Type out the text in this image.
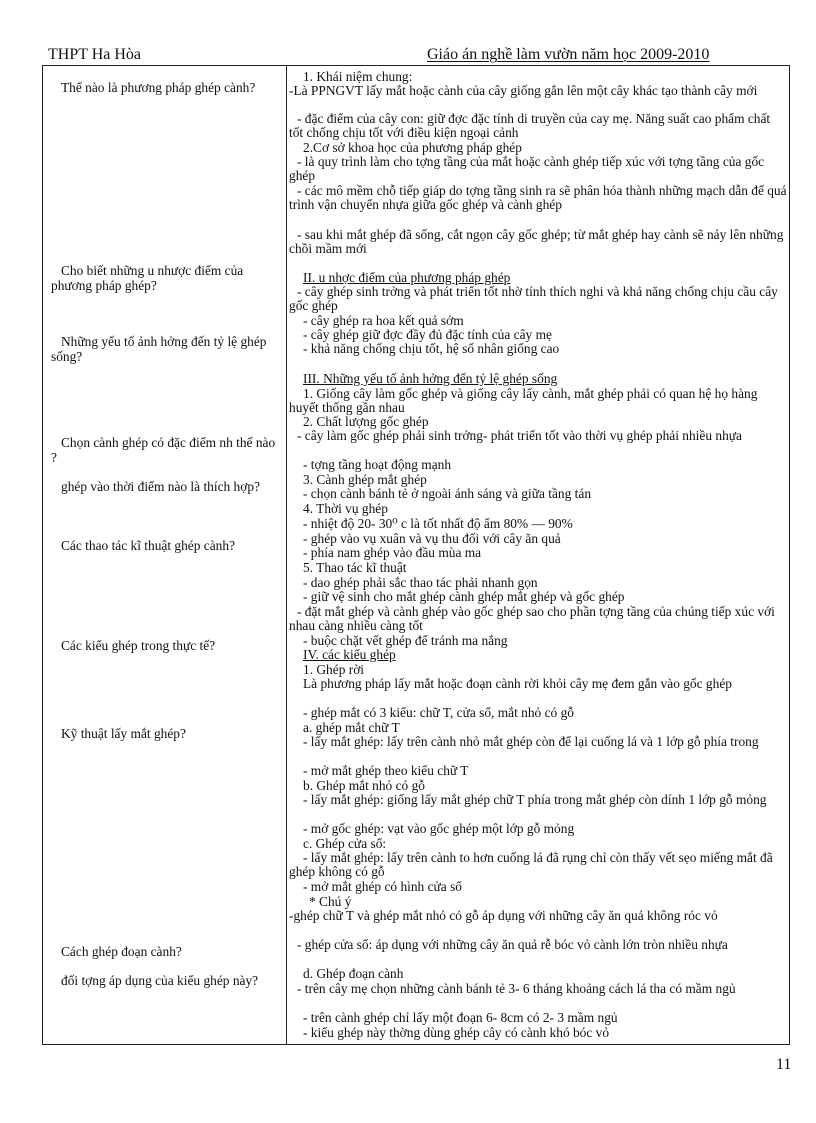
THPT Ha Hòa	Giáo án nghề làm vườn năm học 2009-2010
Thế nào là phương pháp ghép cành?
Cho biết những u nhược điểm của phương pháp ghép?
Những yếu tố ảnh hởng đến tỷ lệ ghép sống?
Chọn cành ghép có đặc điểm nh thế nào ?
ghép vào thời điểm nào là thích hợp?
Các thao tác kĩ thuật ghép cành?
Các kiểu ghép trong thực tế?
Kỹ thuật lấy mắt ghép?
Cách ghép đoạn cành?
đối tợng áp dụng của kiểu ghép này?
1. Khái niệm chung:
-Là PPNGVT lấy mắt hoặc cành của cây giống gắn lên một cây khác tạo thành cây mới
- đặc điểm của cây con: giữ đợc đặc tính di truyền của cay mẹ. Năng suất cao phẩm chất tốt chống chịu tốt với điều kiện ngoại cảnh
2.Cơ sở khoa học của phương pháp ghép
- là quy trình làm cho tợng tầng của mắt hoặc cành ghép tiếp xúc với tợng tầng của gốc ghép
- các mô mềm chỗ tiếp giáp do tợng tầng sinh ra sẽ phân hóa thành những mạch dẫn để quá trình vận chuyển nhựa giữa gốc ghép và cành ghép
- sau khi mắt ghép đã sống, cắt ngọn cây gốc ghép; từ mắt ghép hay cành sẽ nảy lên những chồi mầm mới
II. u nhợc điểm của phương pháp ghép
- cây ghép sinh trởng và phát triển tốt nhờ tính thích nghi và khả năng chống chịu cầu cây gốc ghép
- cây ghép ra hoa kết quả sớm
- cây ghép giữ đợc đầy đủ đặc tính của cây mẹ
- khả năng chống chịu tốt, hệ số nhân giống cao
III. Những yếu tố ảnh hởng đến tỷ lệ ghép sống
1. Giống cây làm gốc ghép và giống cây lấy cành, mắt ghép phải có quan hệ họ hàng huyết thống gần nhau
2. Chất lượng gốc ghép
- cây làm gốc ghép phải sinh trởng- phát triển tốt vào thời vụ ghép phải nhiều nhựa
- tợng tầng hoạt động mạnh
3. Cành ghép mắt ghép
- chọn cành bánh tẻ ở ngoài ánh sáng và giữa tầng tán
4. Thời vụ ghép
- nhiệt độ 20- 30⁰ c là tốt nhất độ ẩm 80% — 90%
- ghép vào vụ xuân và vụ thu đối với cây ăn quả
- phía nam ghép vào đầu mùa ma
5. Thao tác kĩ thuật
- dao ghép phải sắc thao tác phải nhanh gọn
- giữ vệ sinh cho mắt ghép cành ghép mắt ghép và gốc ghép
- đặt mắt ghép và cành ghép vào gốc ghép sao cho phần tợng tầng của chúng tiếp xúc với nhau càng nhiều càng tốt
- buộc chặt vết ghép để tránh ma nắng
IV. các kiểu ghép
1. Ghép rời
Là phương pháp lấy mắt hoặc đoạn cành rời khỏi cây mẹ đem gắn vào gốc ghép
- ghép mắt có 3 kiểu: chữ T, cửa sổ, mắt nhỏ có gỗ
a. ghép mắt chữ T
- lấy mắt ghép: lấy trên cành nhỏ mắt ghép còn để lại cuống lá và 1 lớp gỗ phía trong
- mở mắt ghép theo kiểu chữ T
b. Ghép mắt nhỏ có gỗ
- lấy mắt ghép: giống lấy mắt ghép chữ T phía trong mắt ghép còn dính 1 lớp gỗ mỏng
- mở gốc ghép: vạt vào gốc ghép một lớp gỗ mỏng
c. Ghép cửa sổ:
- lấy mắt ghép: lấy trên cành to hơn cuống lá đã rụng chỉ còn thấy vết sẹo miếng mắt đã ghép không có gỗ
- mở mắt ghép có hình cửa sổ
* Chú ý
-ghép chữ T và ghép mắt nhỏ có gỗ áp dụng với những cây ăn quả không róc vỏ
- ghép cửa sổ: áp dụng với những cây ăn quả rễ bóc vỏ cành lớn tròn nhiều nhựa
d. Ghép đoạn cành
- trên cây mẹ chọn những cành bánh tẻ 3- 6 tháng khoảng cách lá tha có mầm ngủ
- trên cành ghép chỉ lấy một đoạn 6- 8cm có 2- 3 mầm ngủ
- kiểu ghép này thờng dùng ghép cây có cành khó bóc vỏ
11
